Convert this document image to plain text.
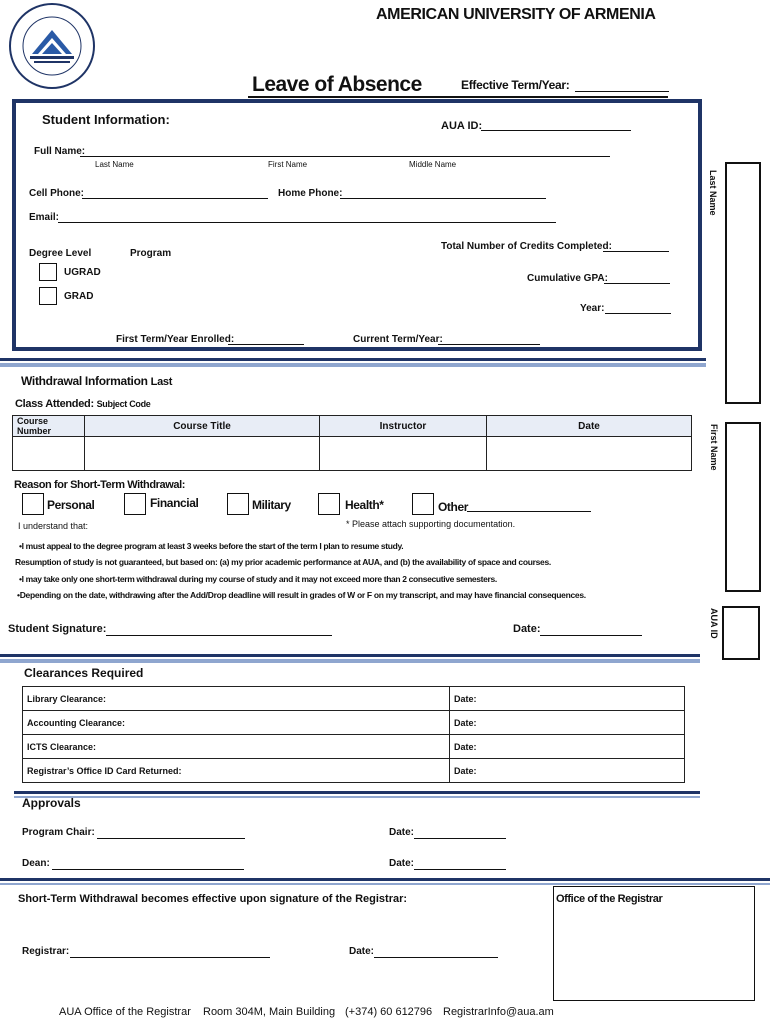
AMERICAN UNIVERSITY OF ARMENIA
Leave of Absence	Effective Term/Year:
Student Information:	AUA ID:
Full Name:
Last Name	First Name	Middle Name
Cell Phone:	Home Phone:
Email:
Degree Level	Program
Total Number of Credits Completed:
UGRAD
Cumulative GPA:
GRAD
Year:
First Term/Year Enrolled:	Current Term/Year:
Last Name
First Name
AUA ID
Withdrawal Information Last
Class Attended: Subject Code
Course Number	Course Title	Instructor	Date

Reason for Short-Term Withdrawal:
Personal	Financial	Military	Health*	Other
I understand that:	* Please attach supporting documentation.
•I must appeal to the degree program at least 3 weeks before the start of the term I plan to resume study.
Resumption of study is not guaranteed, but based on: (a) my prior academic performance at AUA, and (b) the availability of space and courses.
•I may take only one short-term withdrawal during my course of study and it may not exceed more than 2 consecutive semesters.
•Depending on the date, withdrawing after the Add/Drop deadline will result in grades of W or F on my transcript, and may have financial consequences.
Student Signature:	Date:
Clearances Required
Library Clearance:	Date:
Accounting Clearance:	Date:
ICTS Clearance:	Date:
Registrar’s Office ID Card Returned:	Date:
Approvals
Program Chair:	Date:
Dean:	Date:
Short-Term Withdrawal becomes effective upon signature of the Registrar:	Office of the Registrar
Registrar:	Date:
AUA Office of the Registrar Room 304M, Main Building (+374) 60 612796 RegistrarInfo@aua.am
